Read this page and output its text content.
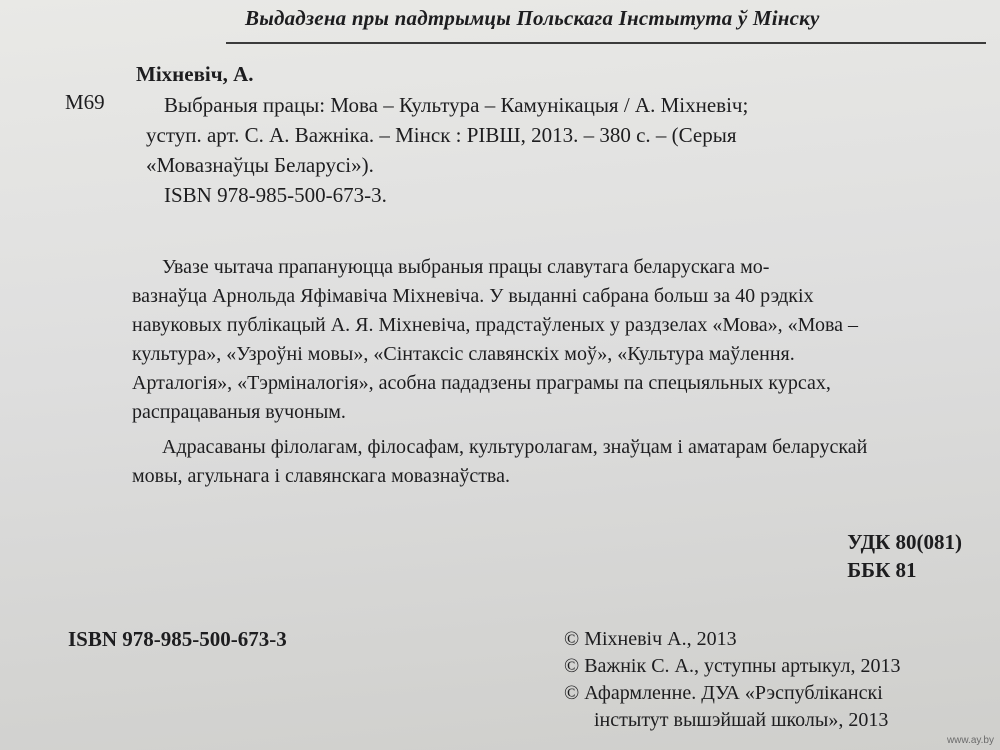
Выдадзена пры падтрымцы Польскага Інстытута ў Мінску
Міхневіч, А.
М69	Выбраныя працы: Мова – Культура – Камунікацыя / А. Міхневіч;
уступ. арт. С. А. Важніка. – Мінск : РІВШ, 2013. – 380 с. – (Серыя
«Мовазнаўцы Беларусі»).
ISBN 978-985-500-673-3.
Увазе чытача прапануюцца выбраныя працы славутага беларускага мо-
вазнаўца Арнольда Яфімавіча Міхневіча. У выданні сабрана больш за 40 рэдкіх
навуковых публікацый А. Я. Міхневіча, прадстаўленых у раздзелах «Мова», «Мова –
культура», «Узроўні мовы», «Сінтаксіс славянскіх моў», «Культура маўлення.
Арталогія», «Тэрміналогія», асобна пададзены праграмы па спецыяльных курсах,
распрацаваныя вучоным.
Адрасаваны філолагам, філосафам, культуролагам, знаўцам і аматарам беларускай
мовы, агульнага і славянскага мовазнаўства.
УДК 80(081)
ББК 81
ISBN 978-985-500-673-3	© Міхневіч А., 2013
© Важнік С. А., уступны артыкул, 2013
© Афармленне. ДУА «Рэспубліканскі
інстытут вышэйшай школы», 2013
www.ay.by
